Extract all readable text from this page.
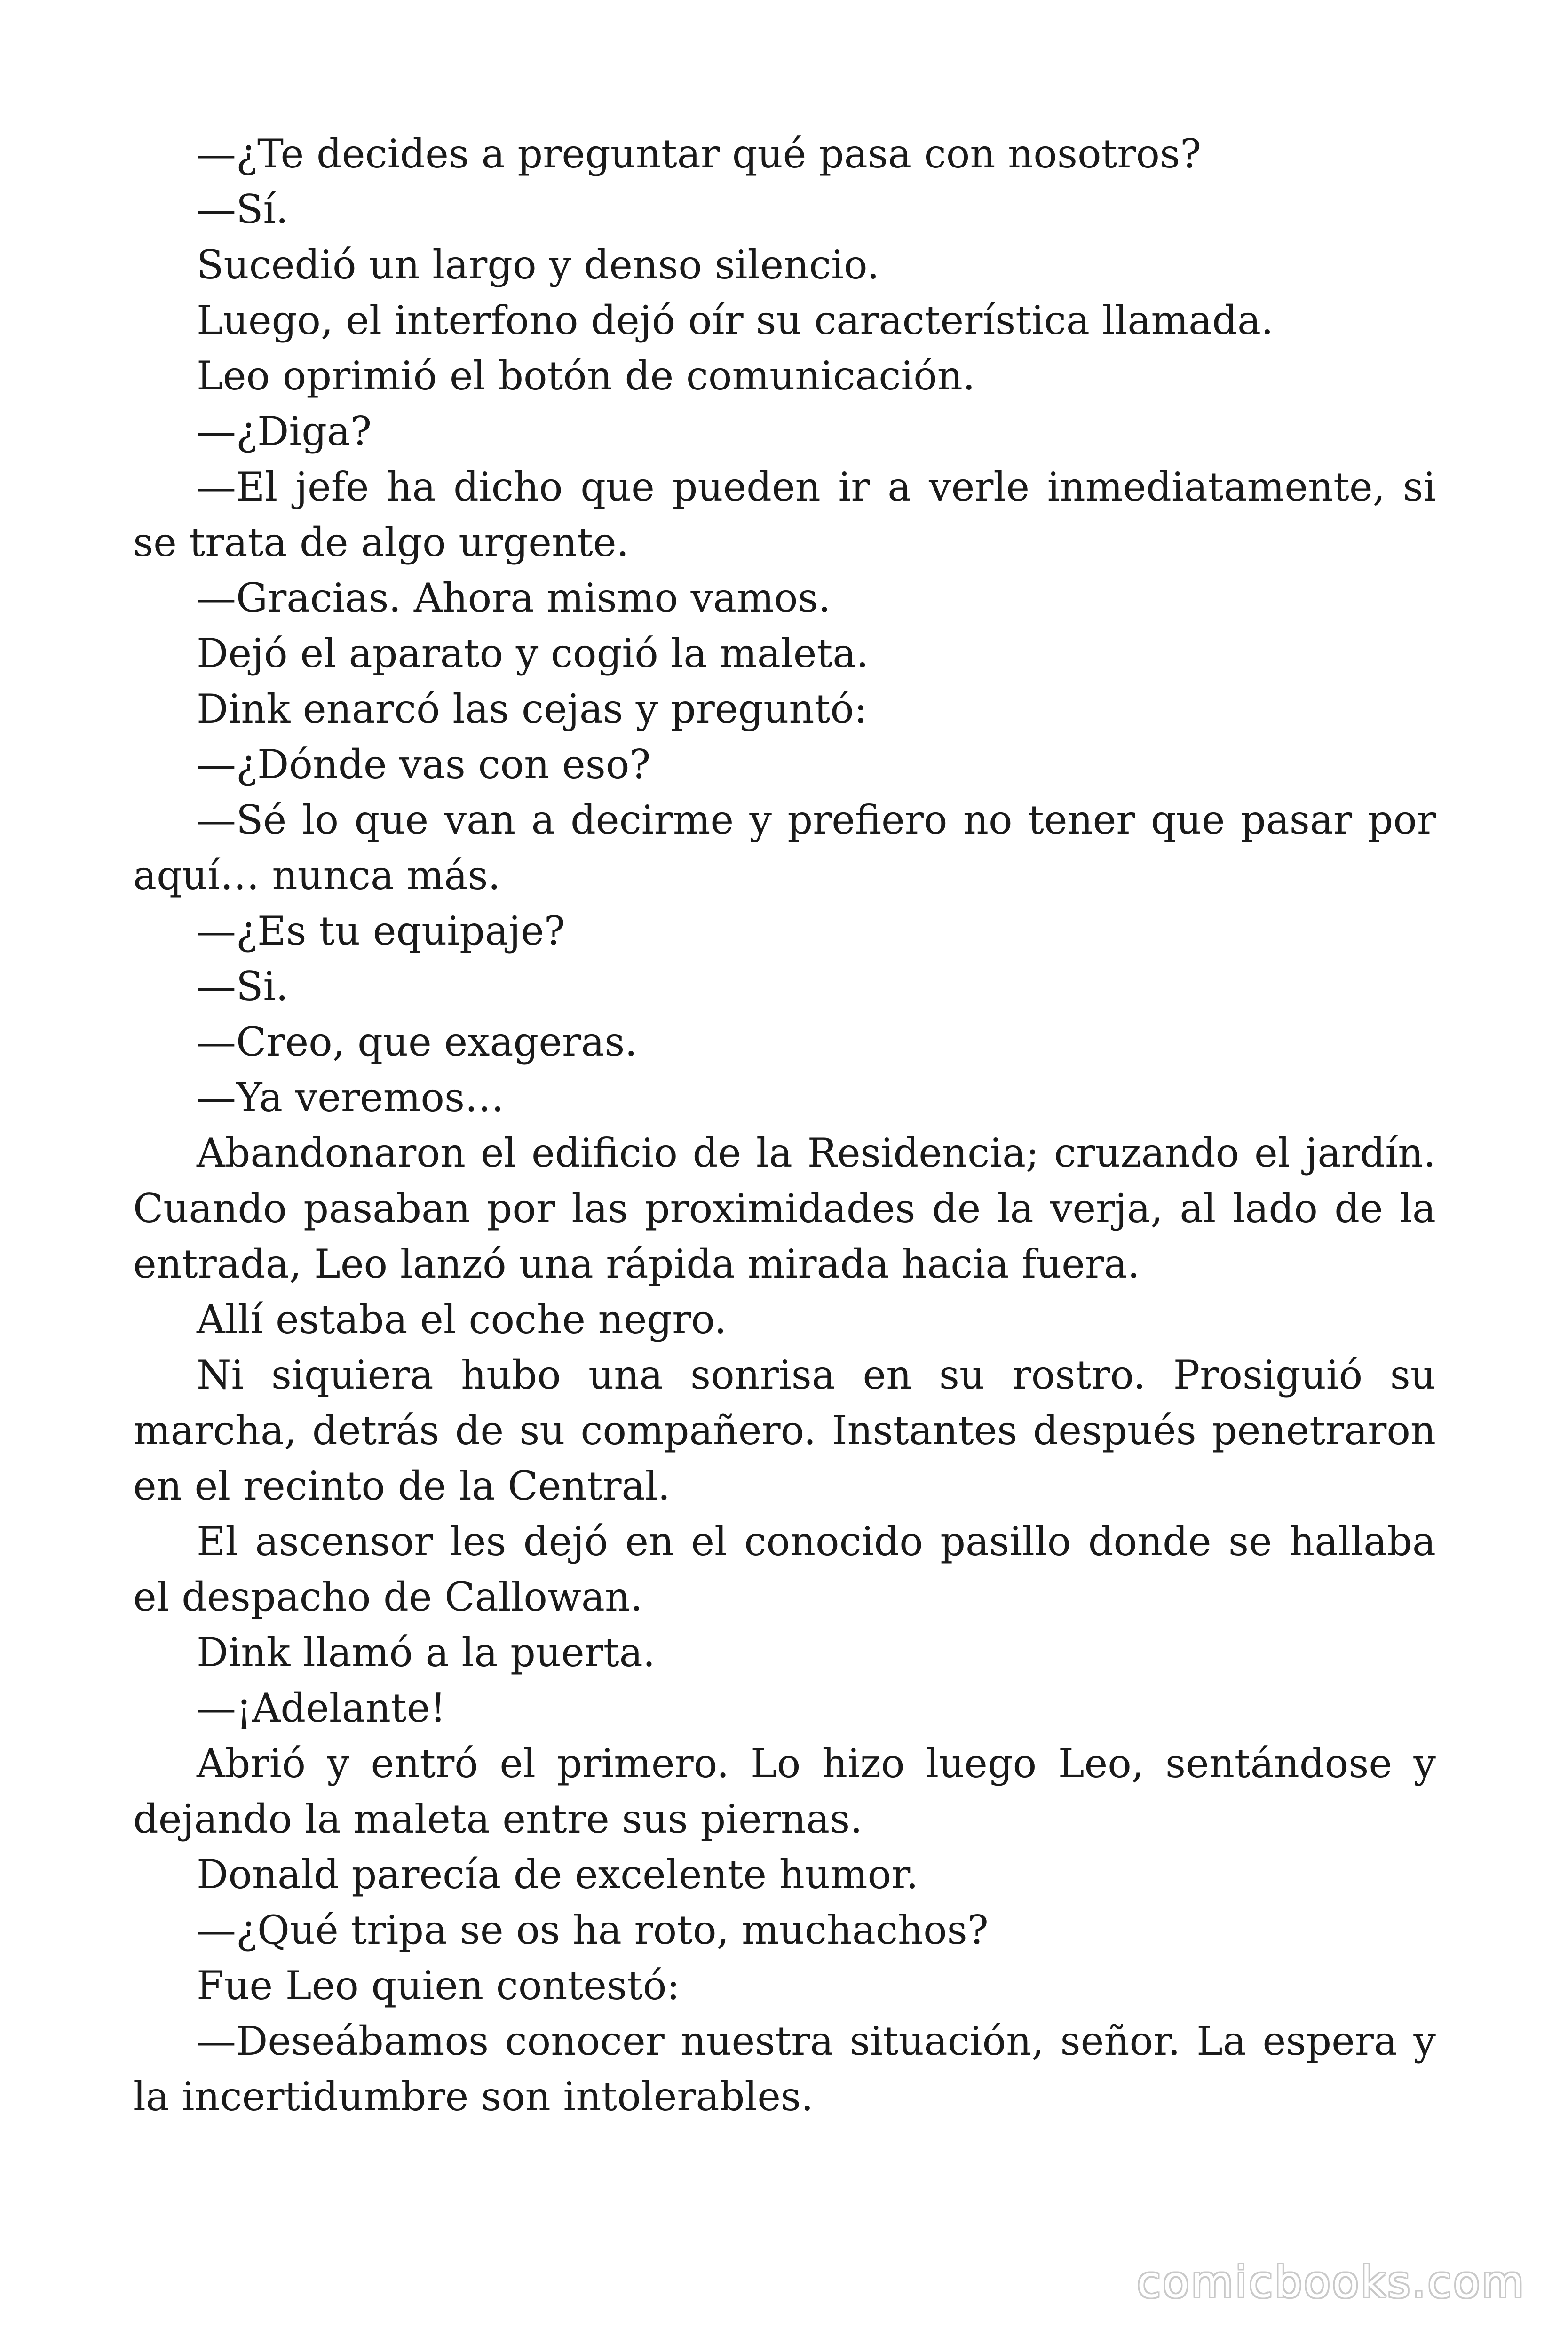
—¿Te decides a preguntar qué pasa con nosotros?

—Sí.

Sucedió un largo y denso silencio.

Luego, el interfono dejó oír su característica llamada.

Leo oprimió el botón de comunicación.

—¿Diga?

—El jefe ha dicho que pueden ir a verle inmediatamente, si se trata de algo urgente.

—Gracias. Ahora mismo vamos.

Dejó el aparato y cogió la maleta.

Dink enarcó las cejas y preguntó:

—¿Dónde vas con eso?

—Sé lo que van a decirme y prefiero no tener que pasar por aquí… nunca más.

—¿Es tu equipaje?

—Si.

—Creo, que exageras.

—Ya veremos…

Abandonaron el edificio de la Residencia; cruzando el jardín. Cuando pasaban por las proximidades de la verja, al lado de la entrada, Leo lanzó una rápida mirada hacia fuera.

Allí estaba el coche negro.

Ni siquiera hubo una sonrisa en su rostro. Prosiguió su marcha, detrás de su compañero. Instantes después penetraron en el recinto de la Central.

El ascensor les dejó en el conocido pasillo donde se hallaba el despacho de Callowan.

Dink llamó a la puerta.

—¡Adelante!

Abrió y entró el primero. Lo hizo luego Leo, sentándose y dejando la maleta entre sus piernas.

Donald parecía de excelente humor.

—¿Qué tripa se os ha roto, muchachos?

Fue Leo quien contestó:

—Deseábamos conocer nuestra situación, señor. La espera y la incertidumbre son intolerables.

comicbooks.com
